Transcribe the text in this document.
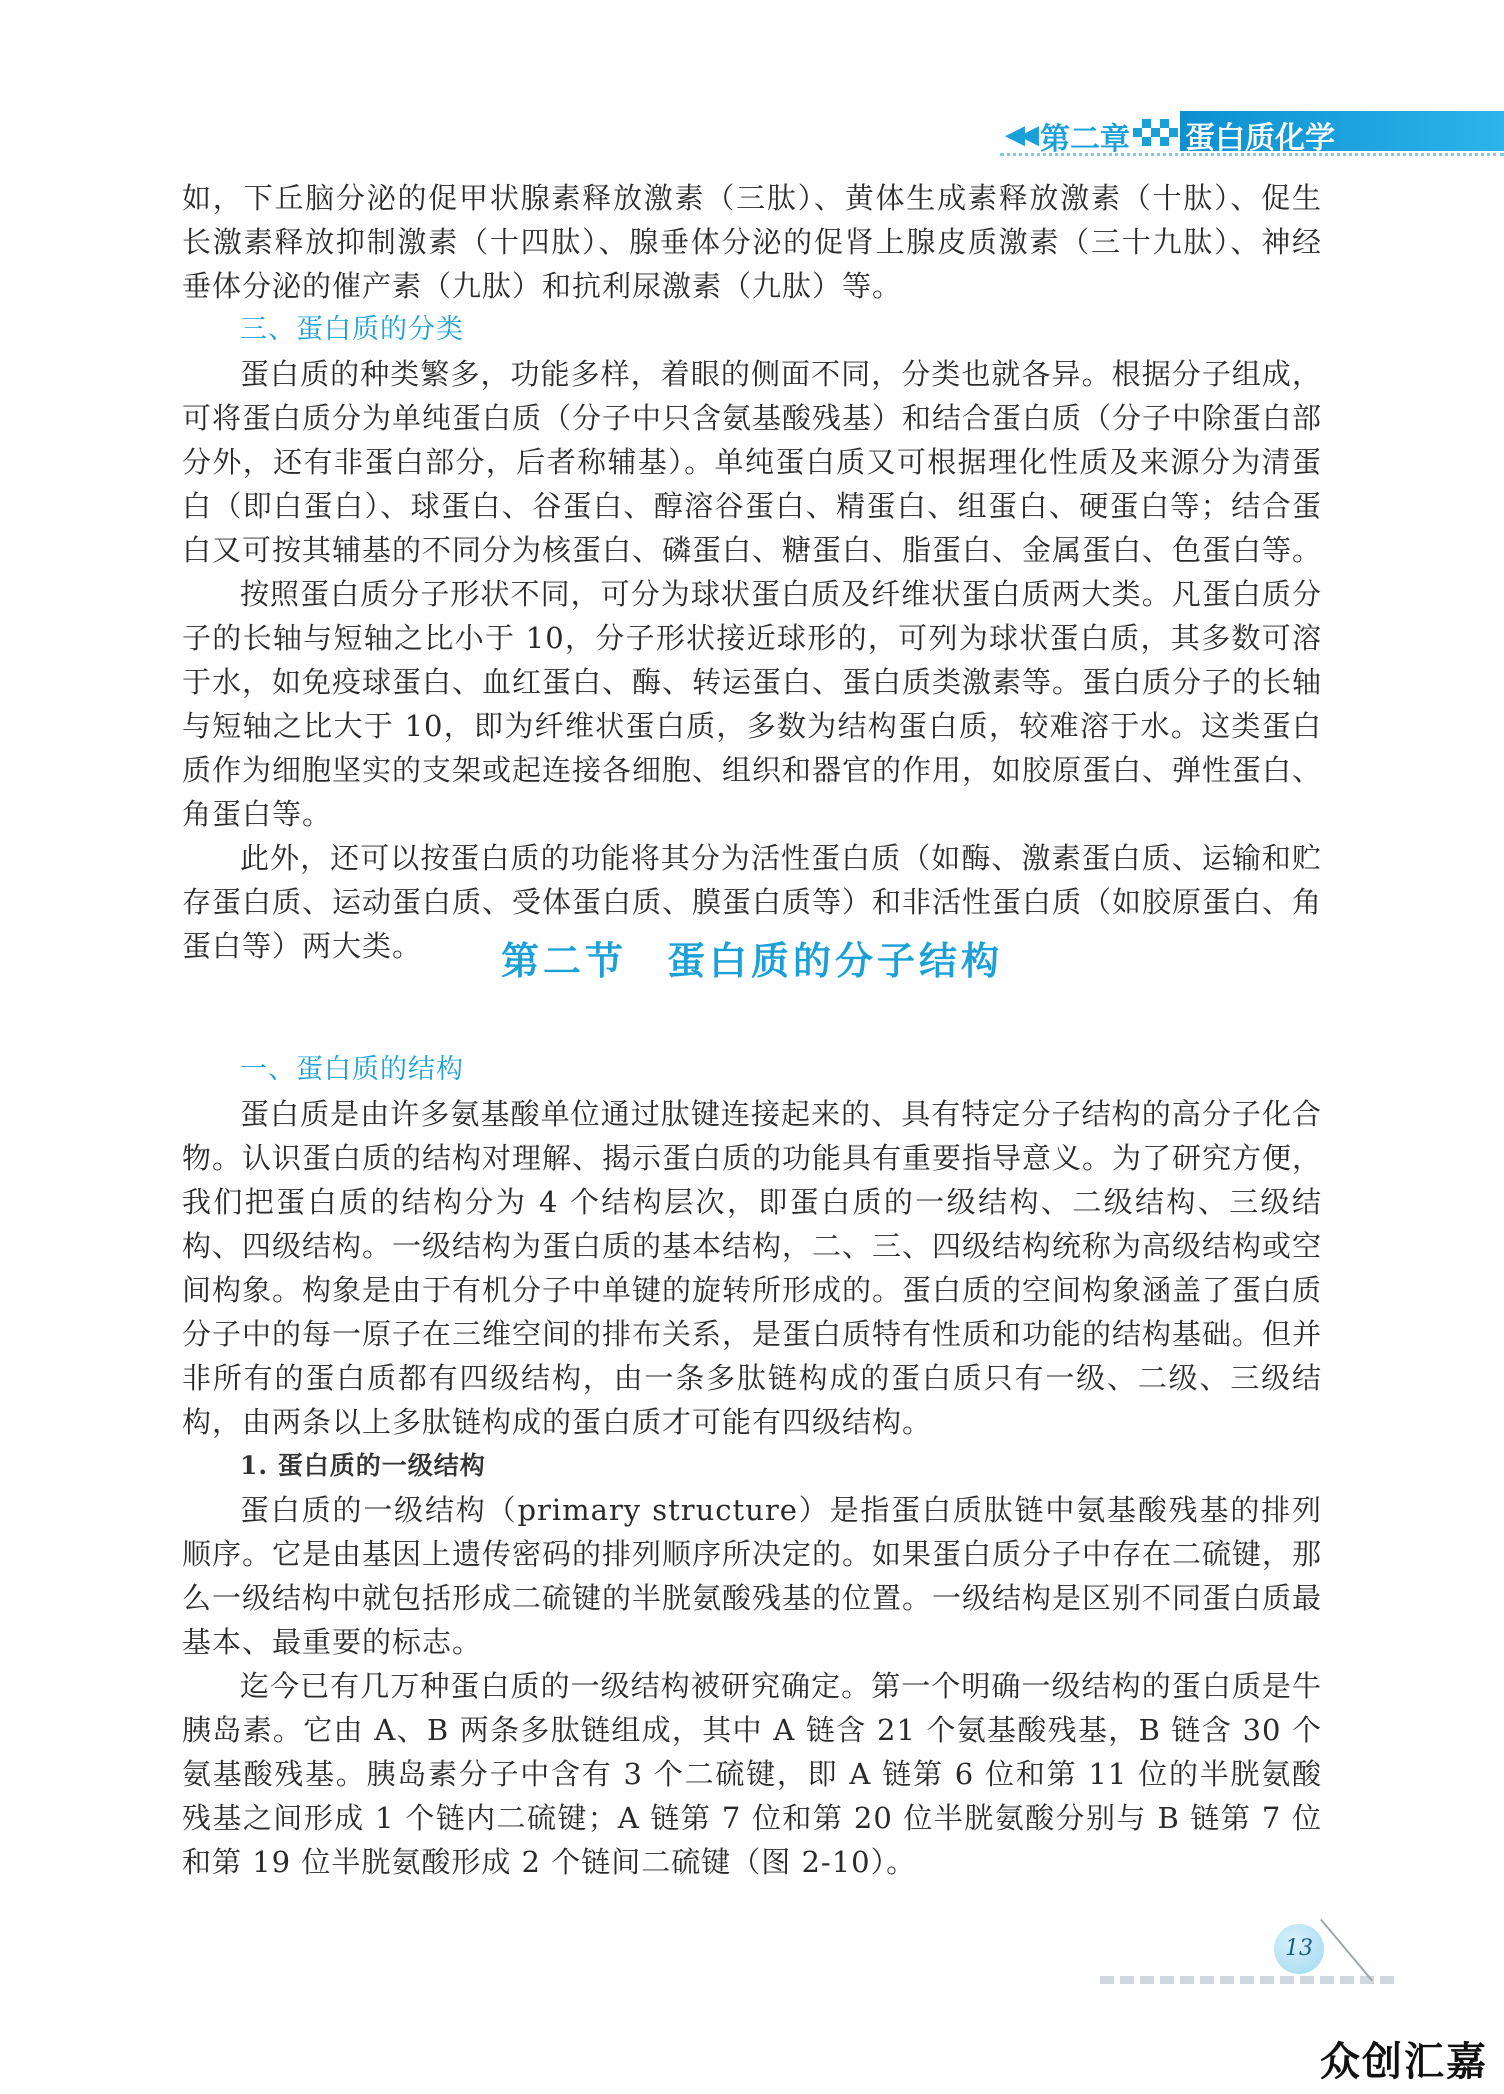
◀◀ 第二章 蛋白质化学

如，下丘脑分泌的促甲状腺素释放激素（三肽）、黄体生成素释放激素（十肽）、促生长激素释放抑制激素（十四肽）、腺垂体分泌的促肾上腺皮质激素（三十九肽）、神经垂体分泌的催产素（九肽）和抗利尿激素（九肽）等。

三、蛋白质的分类

蛋白质的种类繁多，功能多样，着眼的侧面不同，分类也就各异。根据分子组成，可将蛋白质分为单纯蛋白质（分子中只含氨基酸残基）和结合蛋白质（分子中除蛋白部分外，还有非蛋白部分，后者称辅基）。单纯蛋白质又可根据理化性质及来源分为清蛋白（即白蛋白）、球蛋白、谷蛋白、醇溶谷蛋白、精蛋白、组蛋白、硬蛋白等；结合蛋白又可按其辅基的不同分为核蛋白、磷蛋白、糖蛋白、脂蛋白、金属蛋白、色蛋白等。

按照蛋白质分子形状不同，可分为球状蛋白质及纤维状蛋白质两大类。凡蛋白质分子的长轴与短轴之比小于 10，分子形状接近球形的，可列为球状蛋白质，其多数可溶于水，如免疫球蛋白、血红蛋白、酶、转运蛋白、蛋白质类激素等。蛋白质分子的长轴与短轴之比大于 10，即为纤维状蛋白质，多数为结构蛋白质，较难溶于水。这类蛋白质作为细胞坚实的支架或起连接各细胞、组织和器官的作用，如胶原蛋白、弹性蛋白、角蛋白等。

此外，还可以按蛋白质的功能将其分为活性蛋白质（如酶、激素蛋白质、运输和贮存蛋白质、运动蛋白质、受体蛋白质、膜蛋白质等）和非活性蛋白质（如胶原蛋白、角蛋白等）两大类。	第二节 蛋白质的分子结构

一、蛋白质的结构

蛋白质是由许多氨基酸单位通过肽键连接起来的、具有特定分子结构的高分子化合物。认识蛋白质的结构对理解、揭示蛋白质的功能具有重要指导意义。为了研究方便，我们把蛋白质的结构分为 4 个结构层次，即蛋白质的一级结构、二级结构、三级结构、四级结构。一级结构为蛋白质的基本结构，二、三、四级结构统称为高级结构或空间构象。构象是由于有机分子中单键的旋转所形成的。蛋白质的空间构象涵盖了蛋白质分子中的每一原子在三维空间的排布关系，是蛋白质特有性质和功能的结构基础。但并非所有的蛋白质都有四级结构，由一条多肽链构成的蛋白质只有一级、二级、三级结构，由两条以上多肽链构成的蛋白质才可能有四级结构。

1. 蛋白质的一级结构

蛋白质的一级结构（primary structure）是指蛋白质肽链中氨基酸残基的排列顺序。它是由基因上遗传密码的排列顺序所决定的。如果蛋白质分子中存在二硫键，那么一级结构中就包括形成二硫键的半胱氨酸残基的位置。一级结构是区别不同蛋白质最基本、最重要的标志。

迄今已有几万种蛋白质的一级结构被研究确定。第一个明确一级结构的蛋白质是牛胰岛素。它由 A、B 两条多肽链组成，其中 A 链含 21 个氨基酸残基，B 链含 30 个氨基酸残基。胰岛素分子中含有 3 个二硫键，即 A 链第 6 位和第 11 位的半胱氨酸残基之间形成 1 个链内二硫键；A 链第 7 位和第 20 位半胱氨酸分别与 B 链第 7 位和第 19 位半胱氨酸形成 2 个链间二硫键（图 2-10）。

13
众创汇嘉
